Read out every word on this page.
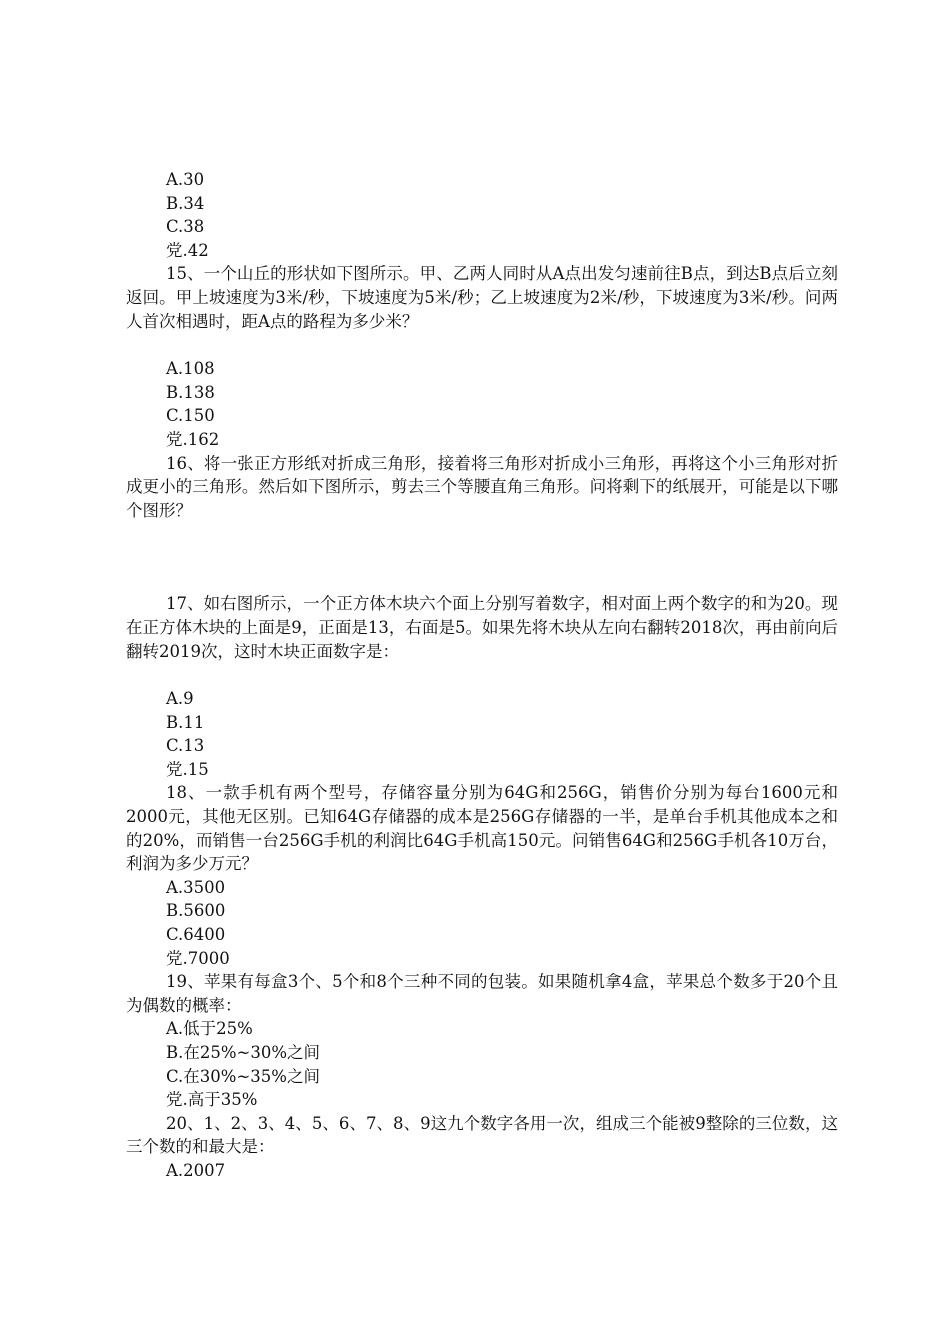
A.30

B.34

C.38

党.42

15、一个山丘的形状如下图所示。甲、乙两人同时从A点出发匀速前往B点，到达B点后立刻返回。甲上坡速度为3米/秒，下坡速度为5米/秒；乙上坡速度为2米/秒，下坡速度为3米/秒。问两人首次相遇时，距A点的路程为多少米？

A.108

B.138

C.150

党.162

16、将一张正方形纸对折成三角形，接着将三角形对折成小三角形，再将这个小三角形对折成更小的三角形。然后如下图所示，剪去三个等腰直角三角形。问将剩下的纸展开，可能是以下哪个图形？

17、如右图所示，一个正方体木块六个面上分别写着数字，相对面上两个数字的和为20。现在正方体木块的上面是9，正面是13，右面是5。如果先将木块从左向右翻转2018次，再由前向后翻转2019次，这时木块正面数字是：

A.9

B.11

C.13

党.15

18、一款手机有两个型号，存储容量分别为64G和256G，销售价分别为每台1600元和2000元，其他无区别。已知64G存储器的成本是256G存储器的一半，是单台手机其他成本之和的20%，而销售一台256G手机的利润比64G手机高150元。问销售64G和256G手机各10万台，利润为多少万元？

A.3500

B.5600

C.6400

党.7000

19、苹果有每盒3个、5个和8个三种不同的包装。如果随机拿4盒，苹果总个数多于20个且为偶数的概率：

A.低于25%

B.在25%~30%之间

C.在30%~35%之间

党.高于35%

20、1、2、3、4、5、6、7、8、9这九个数字各用一次，组成三个能被9整除的三位数，这三个数的和最大是：

A.2007
